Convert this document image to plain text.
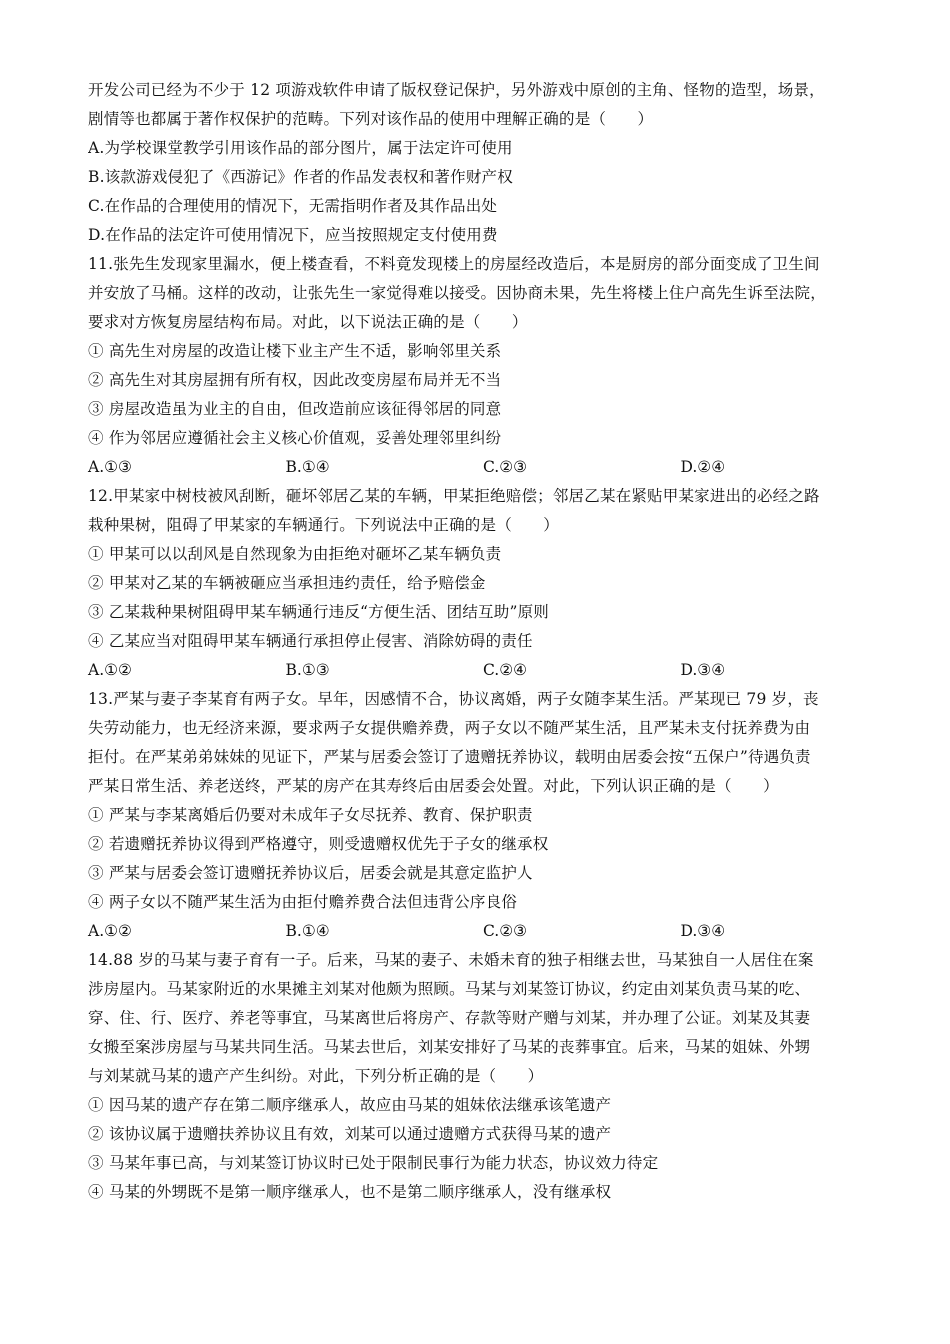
开发公司已经为不少于 12 项游戏软件申请了版权登记保护，另外游戏中原创的主角、怪物的造型，场景，
剧情等也都属于著作权保护的范畴。下列对该作品的使用中理解正确的是（　　）
A.为学校课堂教学引用该作品的部分图片，属于法定许可使用
B.该款游戏侵犯了《西游记》作者的作品发表权和著作财产权
C.在作品的合理使用的情况下，无需指明作者及其作品出处
D.在作品的法定许可使用情况下，应当按照规定支付使用费
11.张先生发现家里漏水，便上楼查看，不料竟发现楼上的房屋经改造后，本是厨房的部分面变成了卫生间
并安放了马桶。这样的改动，让张先生一家觉得难以接受。因协商未果，先生将楼上住户高先生诉至法院，
要求对方恢复房屋结构布局。对此，以下说法正确的是（　　）
① 高先生对房屋的改造让楼下业主产生不适，影响邻里关系
② 高先生对其房屋拥有所有权，因此改变房屋布局并无不当
③ 房屋改造虽为业主的自由，但改造前应该征得邻居的同意
④ 作为邻居应遵循社会主义核心价值观，妥善处理邻里纠纷
A.①③	B.①④	C.②③	D.②④
12.甲某家中树枝被风刮断，砸坏邻居乙某的车辆，甲某拒绝赔偿；邻居乙某在紧贴甲某家进出的必经之路
栽种果树，阻碍了甲某家的车辆通行。下列说法中正确的是（　　）
① 甲某可以以刮风是自然现象为由拒绝对砸坏乙某车辆负责
② 甲某对乙某的车辆被砸应当承担违约责任，给予赔偿金
③ 乙某栽种果树阻碍甲某车辆通行违反“方便生活、团结互助”原则
④ 乙某应当对阻碍甲某车辆通行承担停止侵害、消除妨碍的责任
A.①②	B.①③	C.②④	D.③④
13.严某与妻子李某育有两子女。早年，因感情不合，协议离婚，两子女随李某生活。严某现已 79 岁，丧
失劳动能力，也无经济来源，要求两子女提供赡养费，两子女以不随严某生活，且严某未支付抚养费为由
拒付。在严某弟弟妹妹的见证下，严某与居委会签订了遗赠抚养协议，载明由居委会按“五保户”待遇负责
严某日常生活、养老送终，严某的房产在其寿终后由居委会处置。对此，下列认识正确的是（　　）
① 严某与李某离婚后仍要对未成年子女尽抚养、教育、保护职责
② 若遗赠抚养协议得到严格遵守，则受遗赠权优先于子女的继承权
③ 严某与居委会签订遗赠抚养协议后，居委会就是其意定监护人
④ 两子女以不随严某生活为由拒付赡养费合法但违背公序良俗
A.①②	B.①④	C.②③	D.③④
14.88 岁的马某与妻子育有一子。后来，马某的妻子、未婚未育的独子相继去世，马某独自一人居住在案
涉房屋内。马某家附近的水果摊主刘某对他颇为照顾。马某与刘某签订协议，约定由刘某负责马某的吃、
穿、住、行、医疗、养老等事宜，马某离世后将房产、存款等财产赠与刘某，并办理了公证。刘某及其妻
女搬至案涉房屋与马某共同生活。马某去世后，刘某安排好了马某的丧葬事宜。后来，马某的姐妹、外甥
与刘某就马某的遗产产生纠纷。对此，下列分析正确的是（　　）
① 因马某的遗产存在第二顺序继承人，故应由马某的姐妹依法继承该笔遗产
② 该协议属于遗赠扶养协议且有效，刘某可以通过遗赠方式获得马某的遗产
③ 马某年事已高，与刘某签订协议时已处于限制民事行为能力状态，协议效力待定
④ 马某的外甥既不是第一顺序继承人，也不是第二顺序继承人，没有继承权
